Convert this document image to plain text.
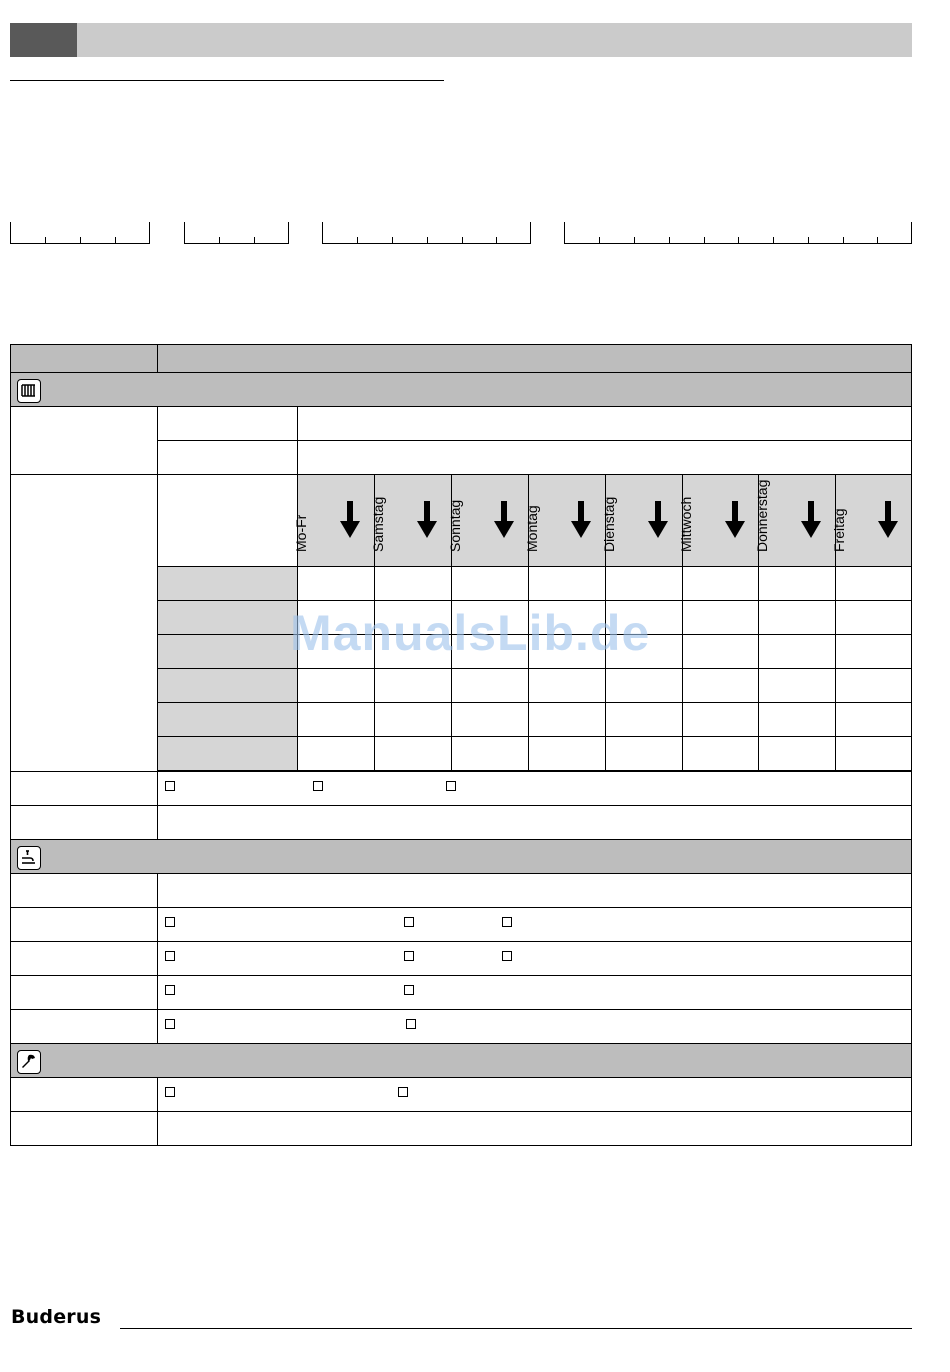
Mo-Fr	Samstag	Sonntag	Montag	Dienstag	Mittwoch	Donnerstag	Freitag
ManualsLib.de
Buderus
